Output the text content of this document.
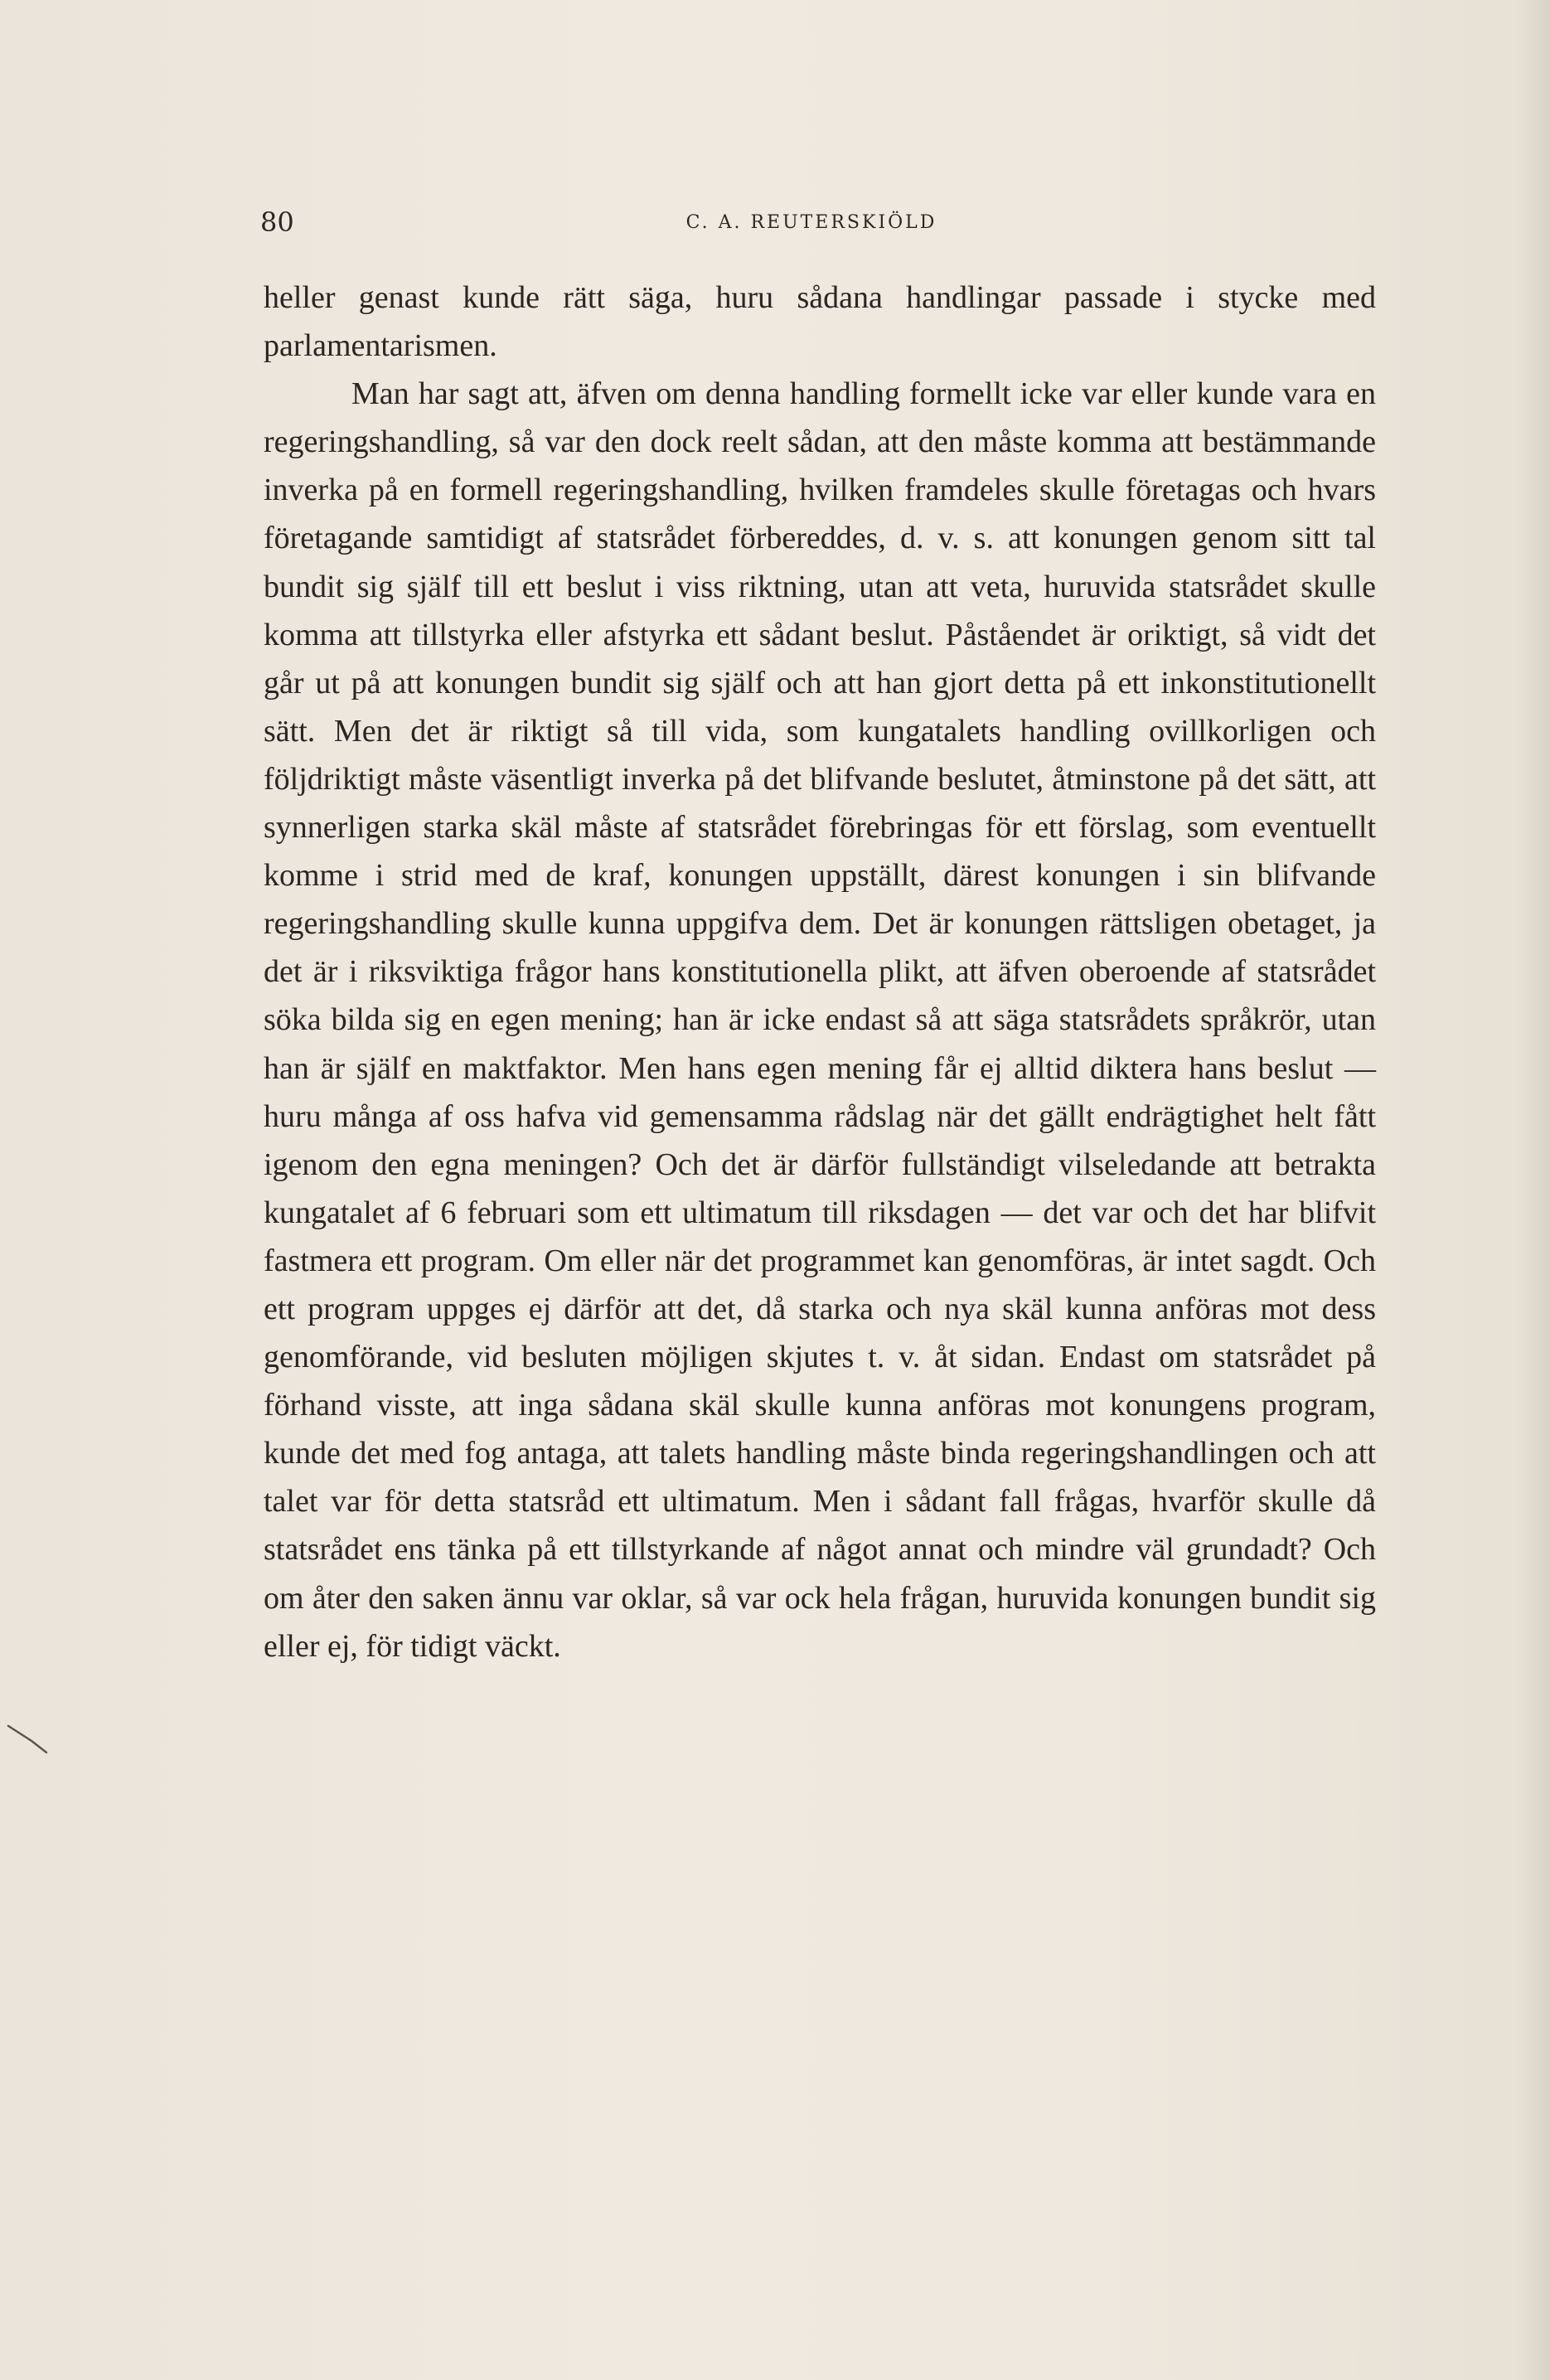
80	C. A. REUTERSKIÖLD

heller genast kunde rätt säga, huru sådana handlingar passade i stycke med parlamentarismen.

Man har sagt att, äfven om denna handling formellt icke var eller kunde vara en regeringshandling, så var den dock reelt sådan, att den måste komma att bestämmande inverka på en formell regeringshandling, hvilken framdeles skulle företagas och hvars företagande samtidigt af statsrådet förbereddes, d. v. s. att konungen genom sitt tal bundit sig själf till ett beslut i viss riktning, utan att veta, huruvida statsrådet skulle komma att tillstyrka eller afstyrka ett sådant beslut. Påståendet är oriktigt, så vidt det går ut på att konungen bundit sig själf och att han gjort detta på ett inkonstitutionellt sätt. Men det är riktigt så till vida, som kungatalets handling ovillkorligen och följdriktigt måste väsentligt inverka på det blifvande beslutet, åtminstone på det sätt, att synnerligen starka skäl måste af statsrådet förebringas för ett förslag, som eventuellt komme i strid med de kraf, konungen uppställt, därest konungen i sin blifvande regeringshandling skulle kunna uppgifva dem. Det är konungen rättsligen obetaget, ja det är i riksviktiga frågor hans konstitutionella plikt, att äfven oberoende af statsrådet söka bilda sig en egen mening; han är icke endast så att säga statsrådets språkrör, utan han är själf en maktfaktor. Men hans egen mening får ej alltid diktera hans beslut — huru många af oss hafva vid gemensamma rådslag när det gällt endrägtighet helt fått igenom den egna meningen? Och det är därför fullständigt vilseledande att betrakta kungatalet af 6 februari som ett ultimatum till riksdagen — det var och det har blifvit fastmera ett program. Om eller när det programmet kan genomföras, är intet sagdt. Och ett program uppges ej därför att det, då starka och nya skäl kunna anföras mot dess genomförande, vid besluten möjligen skjutes t. v. åt sidan. Endast om statsrådet på förhand visste, att inga sådana skäl skulle kunna anföras mot konungens program, kunde det med fog antaga, att talets handling måste binda regeringshandlingen och att talet var för detta statsråd ett ultimatum. Men i sådant fall frågas, hvarför skulle då statsrådet ens tänka på ett tillstyrkande af något annat och mindre väl grundadt? Och om åter den saken ännu var oklar, så var ock hela frågan, huruvida konungen bundit sig eller ej, för tidigt väckt.
